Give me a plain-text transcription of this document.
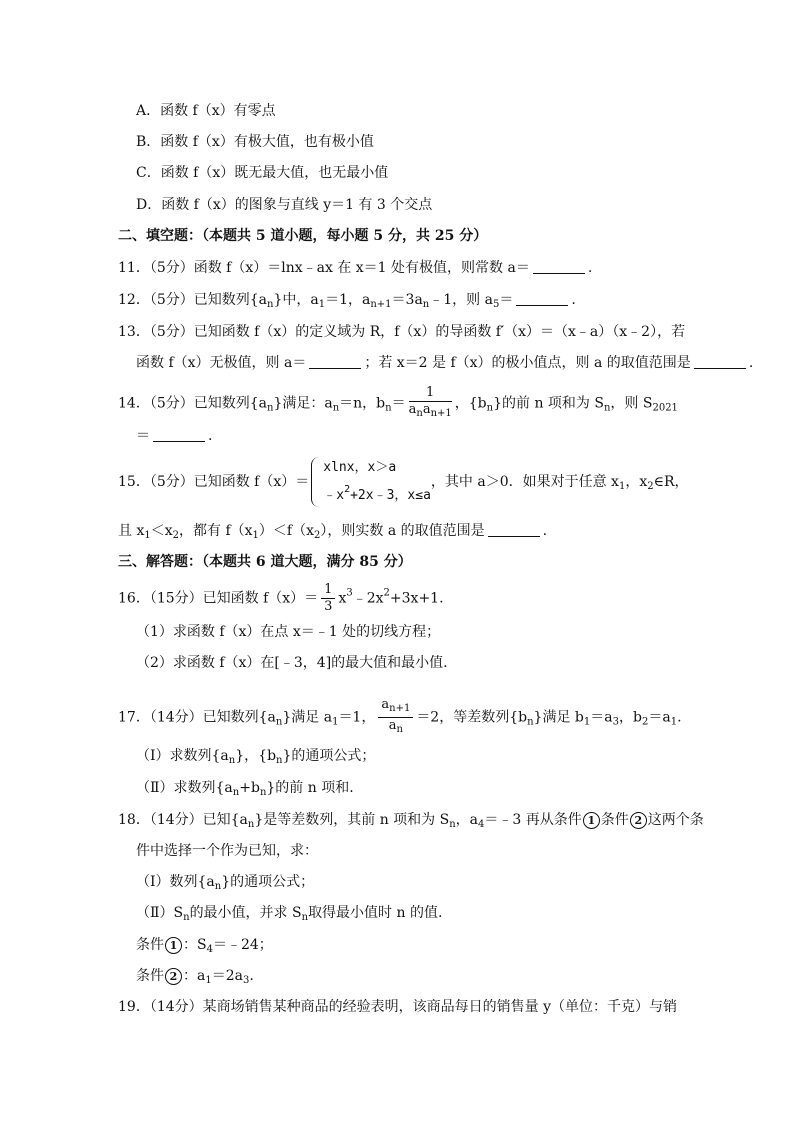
A．函数 f（x）有零点
B．函数 f（x）有极大值，也有极小值
C．函数 f（x）既无最大值，也无最小值
D．函数 f（x）的图象与直线 y＝1 有 3 个交点
二、填空题：（本题共 5 道小题，每小题 5 分，共 25 分）
11．（5分）函数 f（x）＝lnx﹣ax 在 x＝1 处有极值，则常数 a＝	.
12．（5分）已知数列$\{a_n\}$中，$a_1=1$，$a_{n+1}=3a_n﹣1$，则 $a_5=$	.
13．（5分）已知函数 f（x）的定义域为 R，f（x）的导函数 f′（x）＝（x﹣a）（x﹣2），若
函数 f（x）无极值，则 a＝	；若 x＝2 是 f（x）的极小值点，则 a 的取值范围是	.
14．（5分）已知数列$\{a_n\}$满足：$a_n=n$，$b_n= \frac{1}{a_na_{n+1}}$ ，$\{b_n\}$的前 n 项和为 $S_n$，则 $S_{2021}$
＝	.
15．（5分）已知函数 f（x）＝
xlnx，x＞a
$﹣x^2+2x﹣3$，x≤a
，其中 a＞0．如果对于任意 $x_1$，$x_2\in R$，
且 $x_1<x_2$，都有 $f(x_1)<f(x_2)$，则实数 a 的取值范围是	.
三、解答题：（本题共 6 道大题，满分 85 分）
16．（15分）已知函数 $f(x)= \frac{1}{3}$ $x^3﹣2x^2+3x+1$.
（1）求函数 f（x）在点 x＝﹣1 处的切线方程；
（2）求函数 f（x）在[﹣3，4]的最大值和最小值.
17．（14分）已知数列$\{a_n\}$满足 $a_1=1$， $\frac{a_{n+1}}{a_n} =2$，等差数列$\{b_n\}$满足 $b_1=a_3$，$b_2=a_1$.
（Ⅰ）求数列$\{a_n\}$，$\{b_n\}$的通项公式；
（Ⅱ）求数列$\{a_n+b_n\}$的前 n 项和.
18．（14分）已知$\{a_n\}$是等差数列，其前 n 项和为 $S_n$，$a_4=﹣3$ 再从条件 1 条件 2 这两个条
件中选择一个作为已知，求：
（Ⅰ）数列$\{a_n\}$的通项公式；
$(Ⅱ)S_n$的最小值，并求 $S_n$取得最小值时 n 的值.
条件 1 ：$S_4=﹣24$；
条件 2 ：$a_1=2a_3$.
19．（14分）某商场销售某种商品的经验表明，该商品每日的销售量 y（单位：千克）与销
